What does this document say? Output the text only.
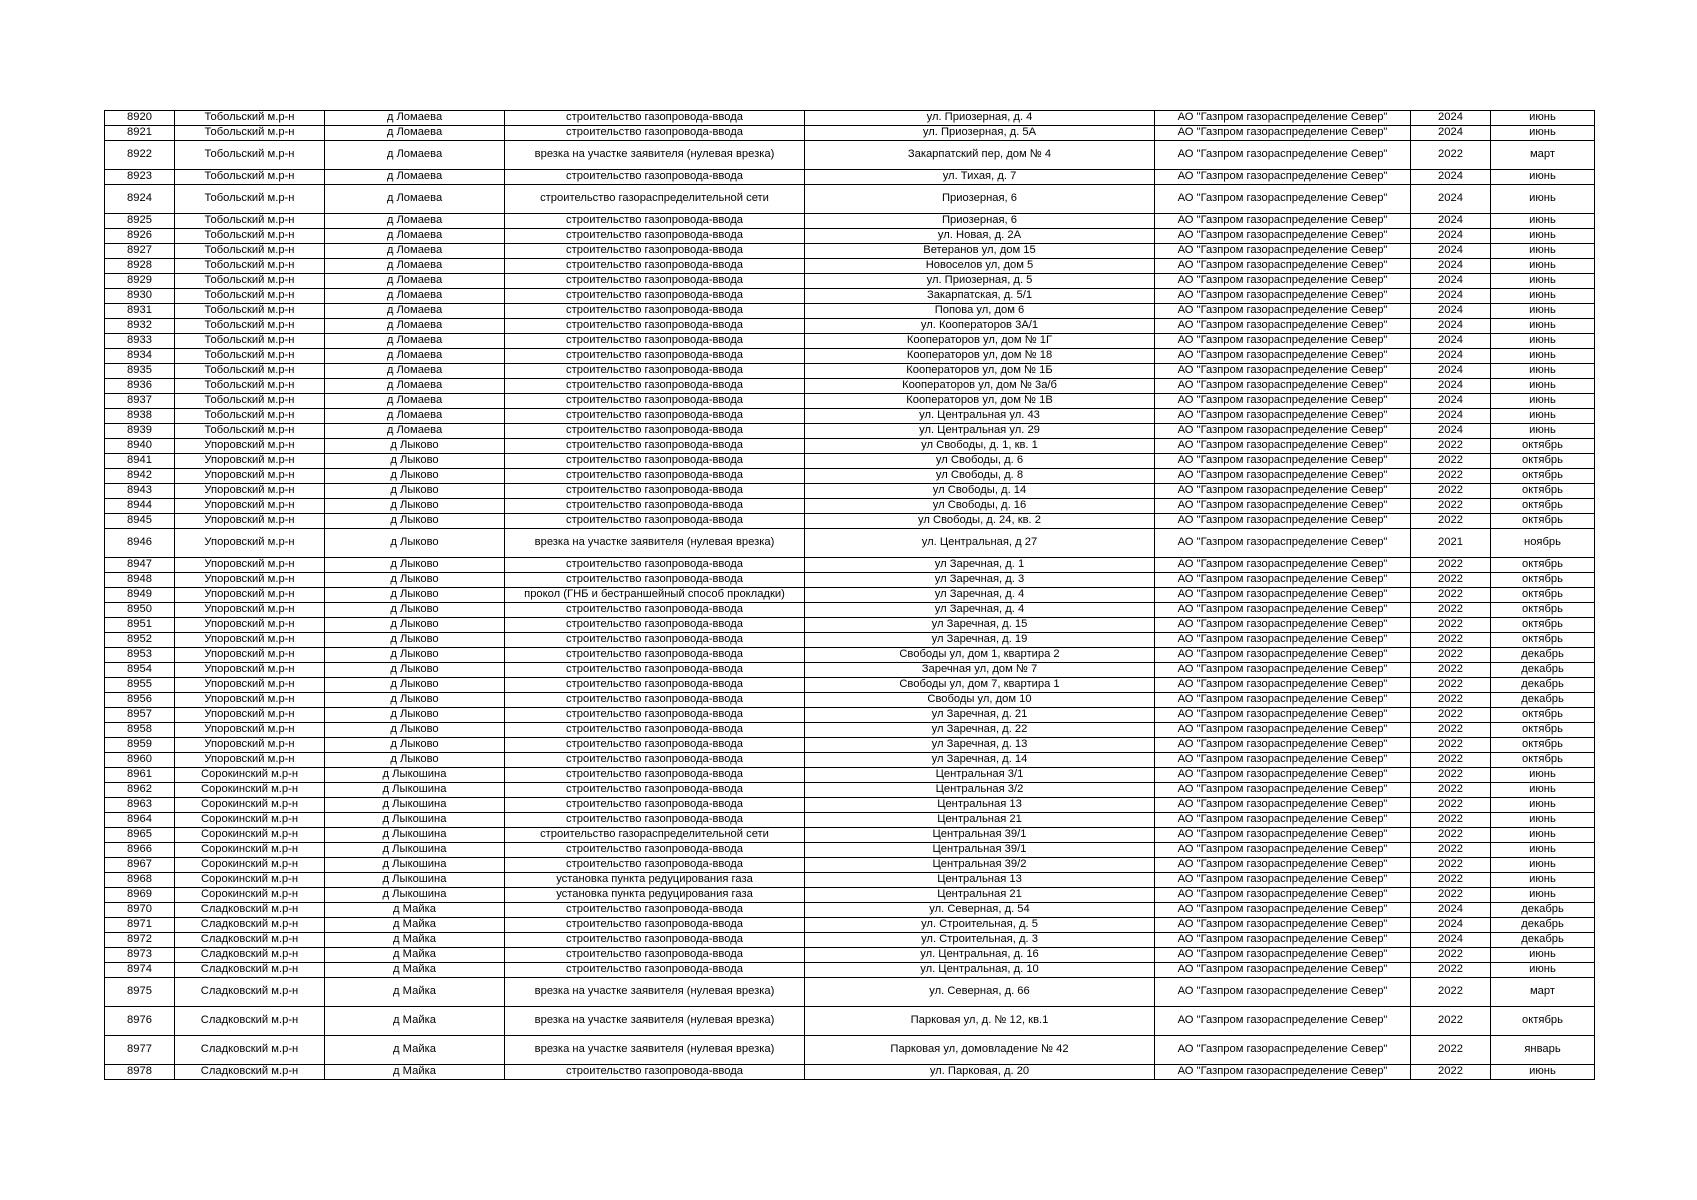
8920	Тобольский м.р-н	д Ломаева	строительство газопровода-ввода	ул. Приозерная, д. 4	АО "Газпром газораспределение Север"	2024	июнь
8921	Тобольский м.р-н	д Ломаева	строительство газопровода-ввода	ул. Приозерная, д. 5А	АО "Газпром газораспределение Север"	2024	июнь
8922	Тобольский м.р-н	д Ломаева	врезка на участке заявителя (нулевая врезка)	Закарпатский пер, дом № 4	АО "Газпром газораспределение Север"	2022	март
8923	Тобольский м.р-н	д Ломаева	строительство газопровода-ввода	ул. Тихая, д. 7	АО "Газпром газораспределение Север"	2024	июнь
8924	Тобольский м.р-н	д Ломаева	строительство газораспределительной сети	Приозерная, 6	АО "Газпром газораспределение Север"	2024	июнь
8925	Тобольский м.р-н	д Ломаева	строительство газопровода-ввода	Приозерная, 6	АО "Газпром газораспределение Север"	2024	июнь
8926	Тобольский м.р-н	д Ломаева	строительство газопровода-ввода	ул. Новая, д. 2А	АО "Газпром газораспределение Север"	2024	июнь
8927	Тобольский м.р-н	д Ломаева	строительство газопровода-ввода	Ветеранов ул, дом 15	АО "Газпром газораспределение Север"	2024	июнь
8928	Тобольский м.р-н	д Ломаева	строительство газопровода-ввода	Новоселов ул, дом 5	АО "Газпром газораспределение Север"	2024	июнь
8929	Тобольский м.р-н	д Ломаева	строительство газопровода-ввода	ул. Приозерная, д. 5	АО "Газпром газораспределение Север"	2024	июнь
8930	Тобольский м.р-н	д Ломаева	строительство газопровода-ввода	Закарпатская, д. 5/1	АО "Газпром газораспределение Север"	2024	июнь
8931	Тобольский м.р-н	д Ломаева	строительство газопровода-ввода	Попова ул, дом 6	АО "Газпром газораспределение Север"	2024	июнь
8932	Тобольский м.р-н	д Ломаева	строительство газопровода-ввода	ул. Кооператоров 3А/1	АО "Газпром газораспределение Север"	2024	июнь
8933	Тобольский м.р-н	д Ломаева	строительство газопровода-ввода	Кооператоров ул, дом № 1Г	АО "Газпром газораспределение Север"	2024	июнь
8934	Тобольский м.р-н	д Ломаева	строительство газопровода-ввода	Кооператоров ул, дом № 18	АО "Газпром газораспределение Север"	2024	июнь
8935	Тобольский м.р-н	д Ломаева	строительство газопровода-ввода	Кооператоров ул, дом № 1Б	АО "Газпром газораспределение Север"	2024	июнь
8936	Тобольский м.р-н	д Ломаева	строительство газопровода-ввода	Кооператоров ул, дом № 3а/б	АО "Газпром газораспределение Север"	2024	июнь
8937	Тобольский м.р-н	д Ломаева	строительство газопровода-ввода	Кооператоров ул, дом № 1В	АО "Газпром газораспределение Север"	2024	июнь
8938	Тобольский м.р-н	д Ломаева	строительство газопровода-ввода	ул. Центральная ул. 43	АО "Газпром газораспределение Север"	2024	июнь
8939	Тобольский м.р-н	д Ломаева	строительство газопровода-ввода	ул. Центральная ул. 29	АО "Газпром газораспределение Север"	2024	июнь
8940	Упоровский м.р-н	д Лыково	строительство газопровода-ввода	ул Свободы, д. 1, кв. 1	АО "Газпром газораспределение Север"	2022	октябрь
8941	Упоровский м.р-н	д Лыково	строительство газопровода-ввода	ул Свободы, д. 6	АО "Газпром газораспределение Север"	2022	октябрь
8942	Упоровский м.р-н	д Лыково	строительство газопровода-ввода	ул Свободы, д. 8	АО "Газпром газораспределение Север"	2022	октябрь
8943	Упоровский м.р-н	д Лыково	строительство газопровода-ввода	ул Свободы, д. 14	АО "Газпром газораспределение Север"	2022	октябрь
8944	Упоровский м.р-н	д Лыково	строительство газопровода-ввода	ул Свободы, д. 16	АО "Газпром газораспределение Север"	2022	октябрь
8945	Упоровский м.р-н	д Лыково	строительство газопровода-ввода	ул Свободы, д. 24, кв. 2	АО "Газпром газораспределение Север"	2022	октябрь
8946	Упоровский м.р-н	д Лыково	врезка на участке заявителя (нулевая врезка)	ул. Центральная, д 27	АО "Газпром газораспределение Север"	2021	ноябрь
8947	Упоровский м.р-н	д Лыково	строительство газопровода-ввода	ул Заречная, д. 1	АО "Газпром газораспределение Север"	2022	октябрь
8948	Упоровский м.р-н	д Лыково	строительство газопровода-ввода	ул Заречная, д. 3	АО "Газпром газораспределение Север"	2022	октябрь
8949	Упоровский м.р-н	д Лыково	прокол (ГНБ и бестраншейный способ прокладки)	ул Заречная, д. 4	АО "Газпром газораспределение Север"	2022	октябрь
8950	Упоровский м.р-н	д Лыково	строительство газопровода-ввода	ул Заречная, д. 4	АО "Газпром газораспределение Север"	2022	октябрь
8951	Упоровский м.р-н	д Лыково	строительство газопровода-ввода	ул Заречная, д. 15	АО "Газпром газораспределение Север"	2022	октябрь
8952	Упоровский м.р-н	д Лыково	строительство газопровода-ввода	ул Заречная, д. 19	АО "Газпром газораспределение Север"	2022	октябрь
8953	Упоровский м.р-н	д Лыково	строительство газопровода-ввода	Свободы ул, дом 1, квартира 2	АО "Газпром газораспределение Север"	2022	декабрь
8954	Упоровский м.р-н	д Лыково	строительство газопровода-ввода	Заречная ул, дом № 7	АО "Газпром газораспределение Север"	2022	декабрь
8955	Упоровский м.р-н	д Лыково	строительство газопровода-ввода	Свободы ул, дом 7, квартира 1	АО "Газпром газораспределение Север"	2022	декабрь
8956	Упоровский м.р-н	д Лыково	строительство газопровода-ввода	Свободы ул, дом 10	АО "Газпром газораспределение Север"	2022	декабрь
8957	Упоровский м.р-н	д Лыково	строительство газопровода-ввода	ул Заречная, д. 21	АО "Газпром газораспределение Север"	2022	октябрь
8958	Упоровский м.р-н	д Лыково	строительство газопровода-ввода	ул Заречная, д. 22	АО "Газпром газораспределение Север"	2022	октябрь
8959	Упоровский м.р-н	д Лыково	строительство газопровода-ввода	ул Заречная, д. 13	АО "Газпром газораспределение Север"	2022	октябрь
8960	Упоровский м.р-н	д Лыково	строительство газопровода-ввода	ул Заречная, д. 14	АО "Газпром газораспределение Север"	2022	октябрь
8961	Сорокинский м.р-н	д Лыкошина	строительство газопровода-ввода	Центральная 3/1	АО "Газпром газораспределение Север"	2022	июнь
8962	Сорокинский м.р-н	д Лыкошина	строительство газопровода-ввода	Центральная 3/2	АО "Газпром газораспределение Север"	2022	июнь
8963	Сорокинский м.р-н	д Лыкошина	строительство газопровода-ввода	Центральная 13	АО "Газпром газораспределение Север"	2022	июнь
8964	Сорокинский м.р-н	д Лыкошина	строительство газопровода-ввода	Центральная 21	АО "Газпром газораспределение Север"	2022	июнь
8965	Сорокинский м.р-н	д Лыкошина	строительство газораспределительной сети	Центральная 39/1	АО "Газпром газораспределение Север"	2022	июнь
8966	Сорокинский м.р-н	д Лыкошина	строительство газопровода-ввода	Центральная 39/1	АО "Газпром газораспределение Север"	2022	июнь
8967	Сорокинский м.р-н	д Лыкошина	строительство газопровода-ввода	Центральная 39/2	АО "Газпром газораспределение Север"	2022	июнь
8968	Сорокинский м.р-н	д Лыкошина	установка пункта редуцирования газа	Центральная 13	АО "Газпром газораспределение Север"	2022	июнь
8969	Сорокинский м.р-н	д Лыкошина	установка пункта редуцирования газа	Центральная 21	АО "Газпром газораспределение Север"	2022	июнь
8970	Сладковский м.р-н	д Майка	строительство газопровода-ввода	ул. Северная, д. 54	АО "Газпром газораспределение Север"	2024	декабрь
8971	Сладковский м.р-н	д Майка	строительство газопровода-ввода	ул. Строительная, д. 5	АО "Газпром газораспределение Север"	2024	декабрь
8972	Сладковский м.р-н	д Майка	строительство газопровода-ввода	ул. Строительная, д. 3	АО "Газпром газораспределение Север"	2024	декабрь
8973	Сладковский м.р-н	д Майка	строительство газопровода-ввода	ул. Центральная, д. 16	АО "Газпром газораспределение Север"	2022	июнь
8974	Сладковский м.р-н	д Майка	строительство газопровода-ввода	ул. Центральная, д. 10	АО "Газпром газораспределение Север"	2022	июнь
8975	Сладковский м.р-н	д Майка	врезка на участке заявителя (нулевая врезка)	ул. Северная, д. 66	АО "Газпром газораспределение Север"	2022	март
8976	Сладковский м.р-н	д Майка	врезка на участке заявителя (нулевая врезка)	Парковая ул, д. № 12, кв.1	АО "Газпром газораспределение Север"	2022	октябрь
8977	Сладковский м.р-н	д Майка	врезка на участке заявителя (нулевая врезка)	Парковая ул, домовладение № 42	АО "Газпром газораспределение Север"	2022	январь
8978	Сладковский м.р-н	д Майка	строительство газопровода-ввода	ул. Парковая, д. 20	АО "Газпром газораспределение Север"	2022	июнь
